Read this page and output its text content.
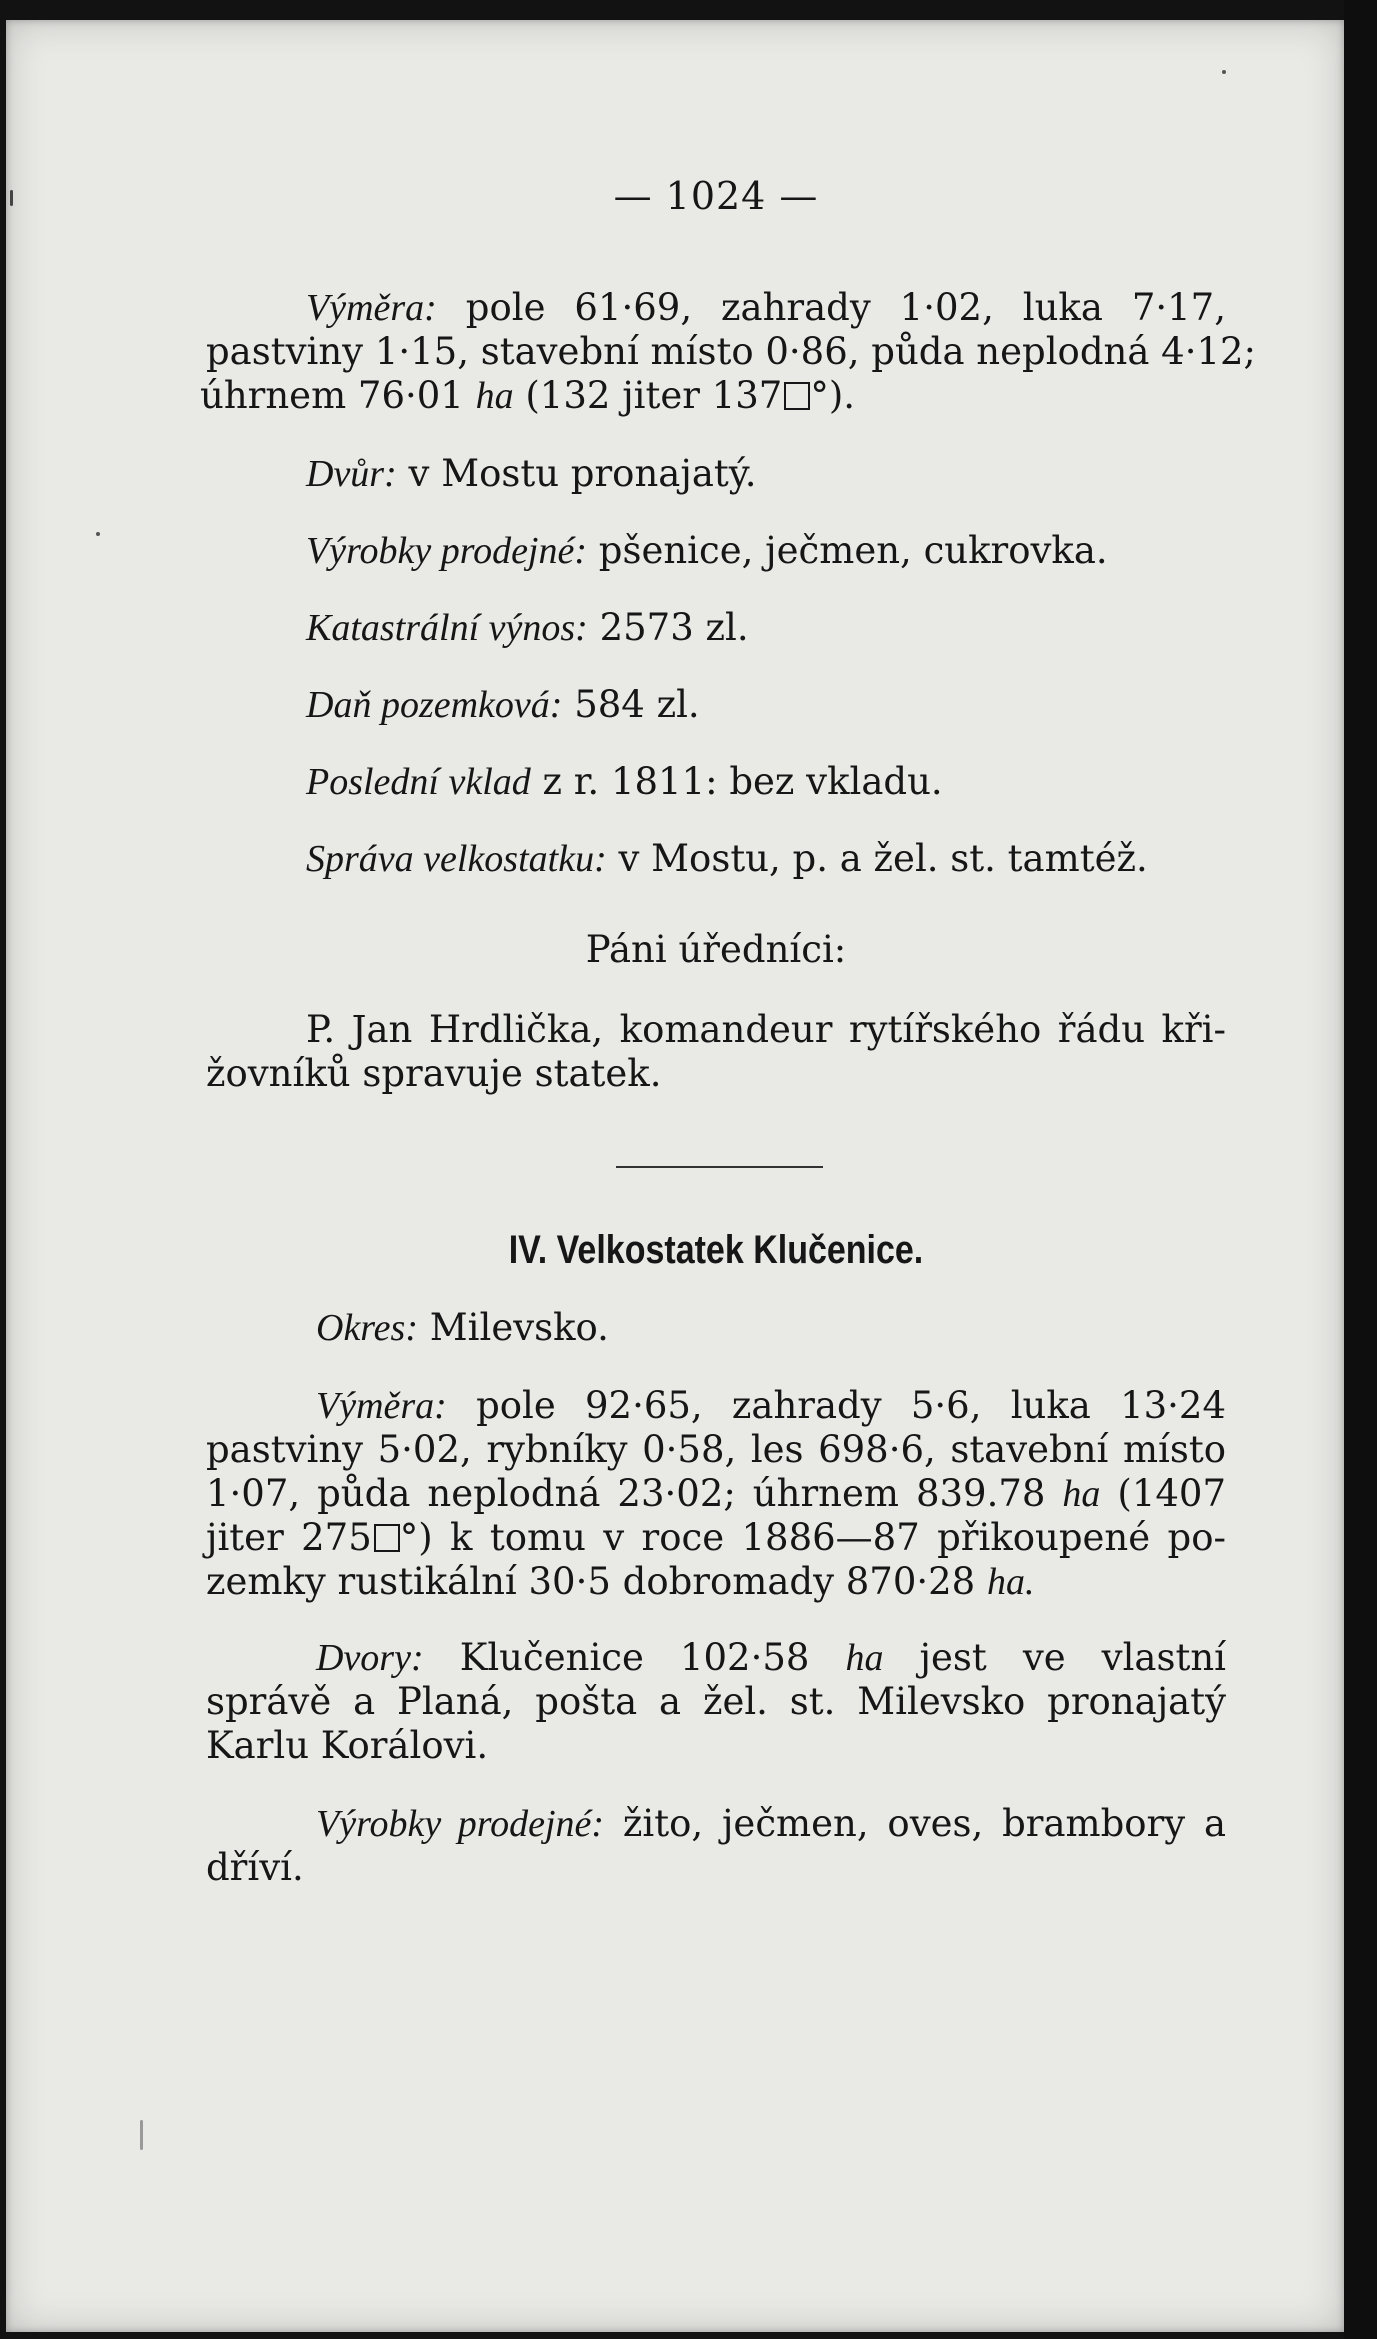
— 1024 —
Výměra: pole 61·69, zahrady 1·02, luka 7·17,
pastviny 1·15, stavební místo 0·86, půda neplodná 4·12;
úhrnem 76·01 ha (132 jiter 137 °).
Dvůr: v Mostu pronajatý.
Výrobky prodejné: pšenice, ječmen, cukrovka.
Katastrální výnos: 2573 zl.
Daň pozemková: 584 zl.
Poslední vklad z r. 1811: bez vkladu.
Správa velkostatku: v Mostu, p. a žel. st. tamtéž.
Páni úředníci:
P. Jan Hrdlička, komandeur rytířského řádu kři-
žovníků spravuje statek.
IV. Velkostatek Klučenice.
Okres: Milevsko.
Výměra: pole 92·65, zahrady 5·6, luka 13·24
pastviny 5·02, rybníky 0·58, les 698·6, stavební místo
1·07, půda neplodná 23·02; úhrnem 839.78 ha (1407
jiter 275 °) k tomu v roce 1886—87 přikoupené po-
zemky rustikální 30·5 dobromady 870·28 ha.
Dvory: Klučenice 102·58 ha jest ve vlastní
správě a Planá, pošta a žel. st. Milevsko pronajatý
Karlu Korálovi.
Výrobky prodejné: žito, ječmen, oves, brambory a
dříví.
